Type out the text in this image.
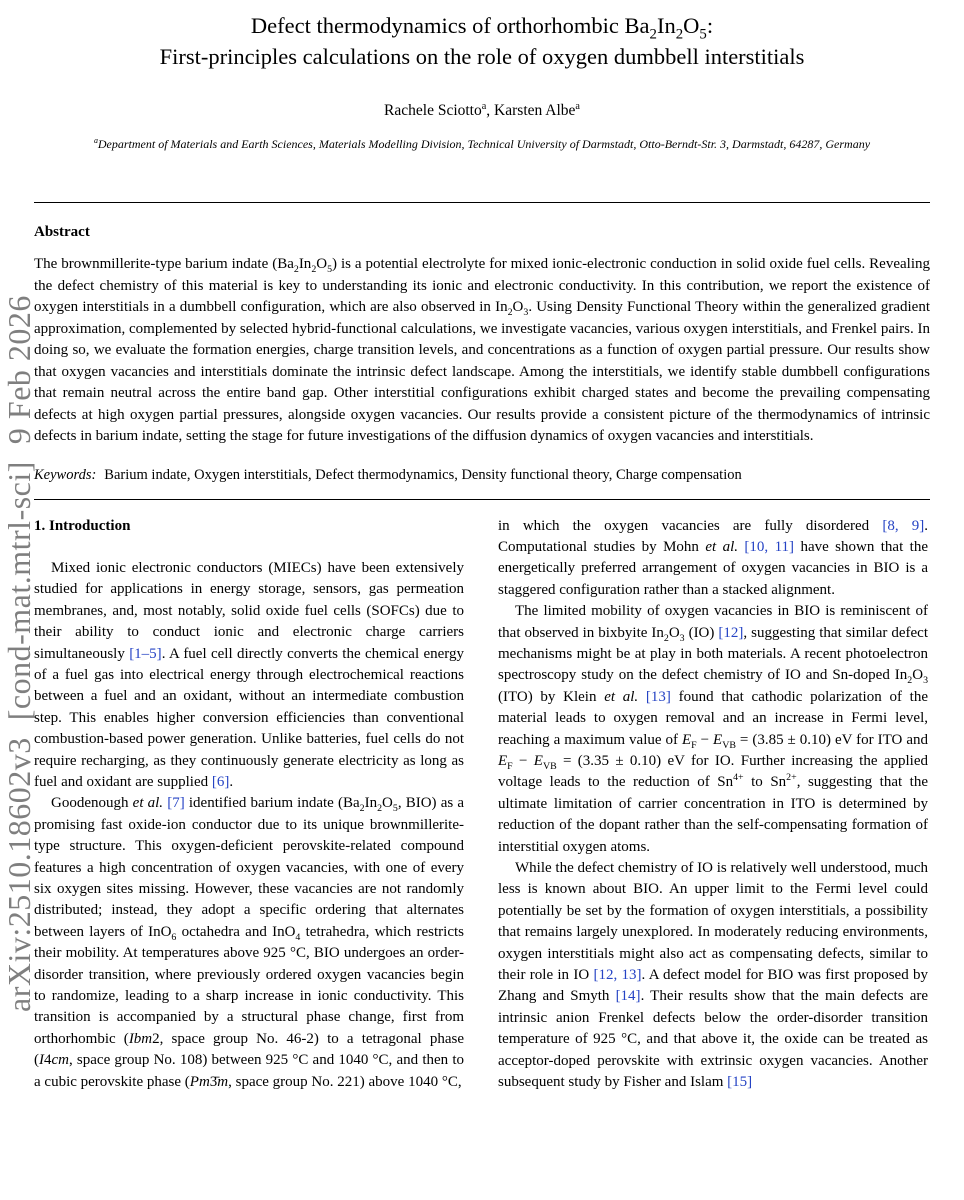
arXiv:2510.18602v3  [cond-mat.mtrl-sci]  9 Feb 2026
Defect thermodynamics of orthorhombic $Ba_2In_2O_5$:
First-principles calculations on the role of oxygen dumbbell interstitials
Rachele Sciotto$^a$, Karsten Albe$^a$
$^a$Department of Materials and Earth Sciences, Materials Modelling Division, Technical University of Darmstadt, Otto-Berndt-Str. 3, Darmstadt, 64287, Germany
Abstract

The brownmillerite-type barium indate $(Ba_2In_2O_5)$ is a potential electrolyte for mixed ionic-electronic conduction in solid oxide fuel cells. Revealing the defect chemistry of this material is key to understanding its ionic and electronic conductivity. In this contribution, we report the existence of oxygen interstitials in a dumbbell configuration, which are also observed in $In_2O_3$. Using Density Functional Theory within the generalized gradient approximation, complemented by selected hybrid-functional calculations, we investigate vacancies, various oxygen interstitials, and Frenkel pairs. In doing so, we evaluate the formation energies, charge transition levels, and concentrations as a function of oxygen partial pressure. Our results show that oxygen vacancies and interstitials dominate the intrinsic defect landscape. Among the interstitials, we identify stable dumbbell configurations that remain neutral across the entire band gap. Other interstitial configurations exhibit charged states and become the prevailing compensating defects at high oxygen partial pressures, alongside oxygen vacancies. Our results provide a consistent picture of the thermodynamics of intrinsic defects in barium indate, setting the stage for future investigations of the diffusion dynamics of oxygen vacancies and interstitials.

Keywords: Barium indate, Oxygen interstitials, Defect thermodynamics, Density functional theory, Charge compensation

1. Introduction

Mixed ionic electronic conductors (MIECs) have been extensively studied for applications in energy storage, sensors, gas permeation membranes, and, most notably, solid oxide fuel cells (SOFCs) due to their ability to conduct ionic and electronic charge carriers simultaneously [1–5]. A fuel cell directly converts the chemical energy of a fuel gas into electrical energy through electrochemical reactions between a fuel and an oxidant, without an intermediate combustion step. This enables higher conversion efficiencies than conventional combustion-based power generation. Unlike batteries, fuel cells do not require recharging, as they continuously generate electricity as long as fuel and oxidant are supplied [6].

Goodenough et al. [7] identified barium indate ($Ba_2In_2O_5$, BIO) as a promising fast oxide-ion conductor due to its unique brownmillerite-type structure. This oxygen-deficient perovskite-related compound features a high concentration of oxygen vacancies, with one of every six oxygen sites missing. However, these vacancies are not randomly distributed; instead, they adopt a specific ordering that alternates between layers of InO$_6$ octahedra and InO$_4$ tetrahedra, which restricts their mobility. At temperatures above 925 °C, BIO undergoes an order-disorder transition, where previously ordered oxygen vacancies begin to randomize, leading to a sharp increase in ionic conductivity. This transition is accompanied by a structural phase change, first from orthorhombic (Ibm2, space group No. 46-2) to a tetragonal phase (I4cm, space group No. 108) between 925 °C and 1040 °C, and then to a cubic perovskite phase (Pm3̄m, space group No. 221) above 1040 °C,

in which the oxygen vacancies are fully disordered [8, 9]. Computational studies by Mohn et al. [10, 11] have shown that the energetically preferred arrangement of oxygen vacancies in BIO is a staggered configuration rather than a stacked alignment.

The limited mobility of oxygen vacancies in BIO is reminiscent of that observed in bixbyite $In_2O_3$ (IO) [12], suggesting that similar defect mechanisms might be at play in both materials. A recent photoelectron spectroscopy study on the defect chemistry of IO and Sn-doped $In_2O_3$ (ITO) by Klein et al. [13] found that cathodic polarization of the material leads to oxygen removal and an increase in Fermi level, reaching a maximum value of $E_F - E_{VB} = (3.85 \pm 0.10)$ eV for ITO and $E_F - E_{VB} = (3.35 \pm 0.10)$ eV for IO. Further increasing the applied voltage leads to the reduction of $Sn^{4+}$ to $Sn^{2+}$, suggesting that the ultimate limitation of carrier concentration in ITO is determined by reduction of the dopant rather than the self-compensating formation of interstitial oxygen atoms.

While the defect chemistry of IO is relatively well understood, much less is known about BIO. An upper limit to the Fermi level could potentially be set by the formation of oxygen interstitials, a possibility that remains largely unexplored. In moderately reducing environments, oxygen interstitials might also act as compensating defects, similar to their role in IO [12, 13]. A defect model for BIO was first proposed by Zhang and Smyth [14]. Their results show that the main defects are intrinsic anion Frenkel defects below the order-disorder transition temperature of 925 °C, and that above it, the oxide can be treated as acceptor-doped perovskite with extrinsic oxygen vacancies. Another subsequent study by Fisher and Islam [15]
